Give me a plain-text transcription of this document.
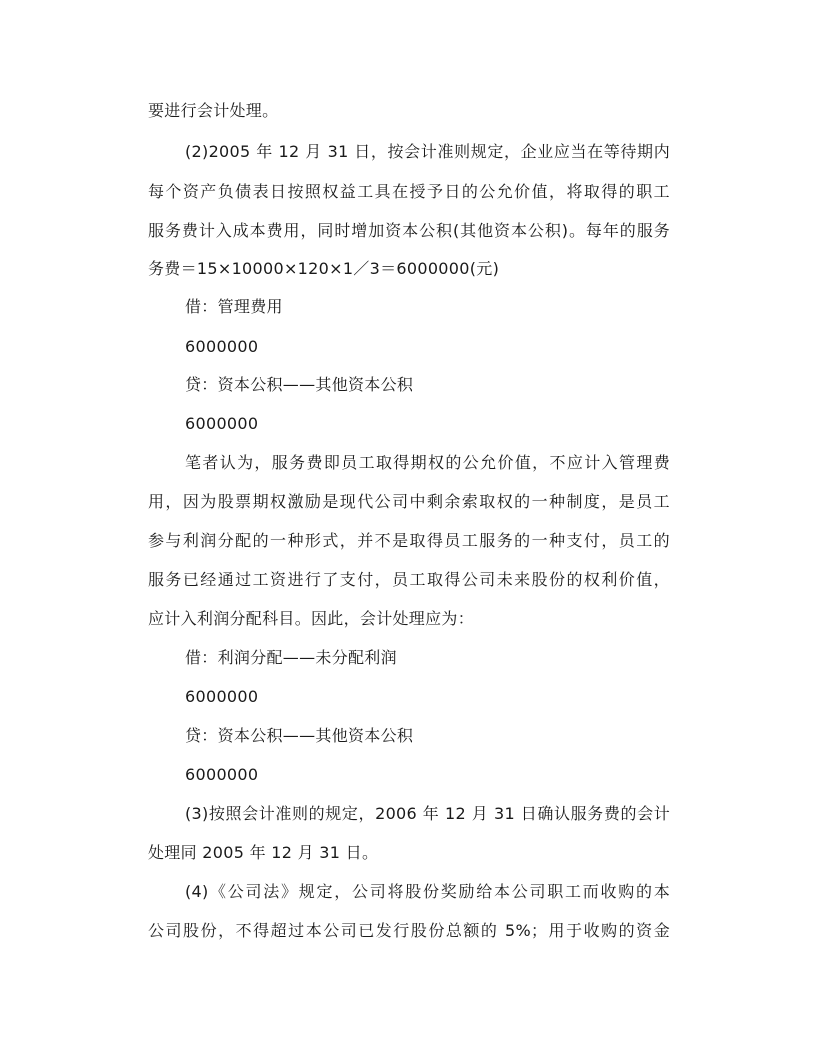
要进行会计处理。
(2)2005 年 12 月 31 日，按会计准则规定，企业应当在等待期内
每个资产负债表日按照权益工具在授予日的公允价值，将取得的职工
服务费计入成本费用，同时增加资本公积(其他资本公积)。每年的服务
务费＝15×10000×120×1／3＝6000000(元)
借：管理费用
6000000
贷：资本公积——其他资本公积
6000000
笔者认为，服务费即员工取得期权的公允价值，不应计入管理费
用，因为股票期权激励是现代公司中剩余索取权的一种制度，是员工
参与利润分配的一种形式，并不是取得员工服务的一种支付，员工的
服务已经通过工资进行了支付，员工取得公司未来股份的权利价值，
应计入利润分配科目。因此，会计处理应为：
借：利润分配——未分配利润
6000000
贷：资本公积——其他资本公积
6000000
(3)按照会计准则的规定，2006 年 12 月 31 日确认服务费的会计
处理同 2005 年 12 月 31 日。
(4)《公司法》规定，公司将股份奖励给本公司职工而收购的本
公司股份，不得超过本公司已发行股份总额的 5%；用于收购的资金
